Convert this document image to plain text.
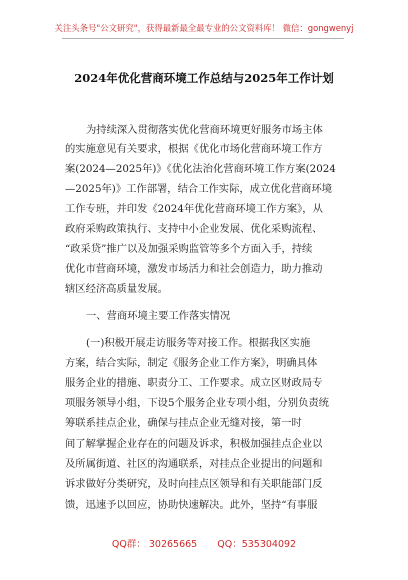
关注头条号"公文研究"，获得最新最全最专业的公文资料库！ 微信：gongwenyj
2024年优化营商环境工作总结与2025年工作计划
为持续深入贯彻落实优化营商环境更好服务市场主体
的实施意见有关要求，根据《优化市场化营商环境工作方
案(2024—2025年)》《优化法治化营商环境工作方案(2024
—2025年)》工作部署，结合工作实际，成立优化营商环境
工作专班，并印发《2024年优化营商环境工作方案》，从
政府采购政策执行、支持中小企业发展、优化采购流程、
“政采贷”推广以及加强采购监管等多个方面入手，持续
优化市营商环境，激发市场活力和社会创造力，助力推动
辖区经济高质量发展。
一、营商环境主要工作落实情况
(一)积极开展走访服务等对接工作。根据我区实施
方案，结合实际，制定《服务企业工作方案》，明确具体
服务企业的措施、职责分工、工作要求。成立区财政局专
项服务领导小组，下设5个服务企业专项小组，分别负责统
筹联系挂点企业，确保与挂点企业无缝对接，第一时
间了解掌握企业存在的问题及诉求，积极加强挂点企业以
及所属街道、社区的沟通联系，对挂点企业提出的问题和
诉求做好分类研究，及时向挂点区领导和有关职能部门反
馈，迅速予以回应，协助快速解决。此外，坚持“有事服
QQ群： 30265665 QQ：535304092
